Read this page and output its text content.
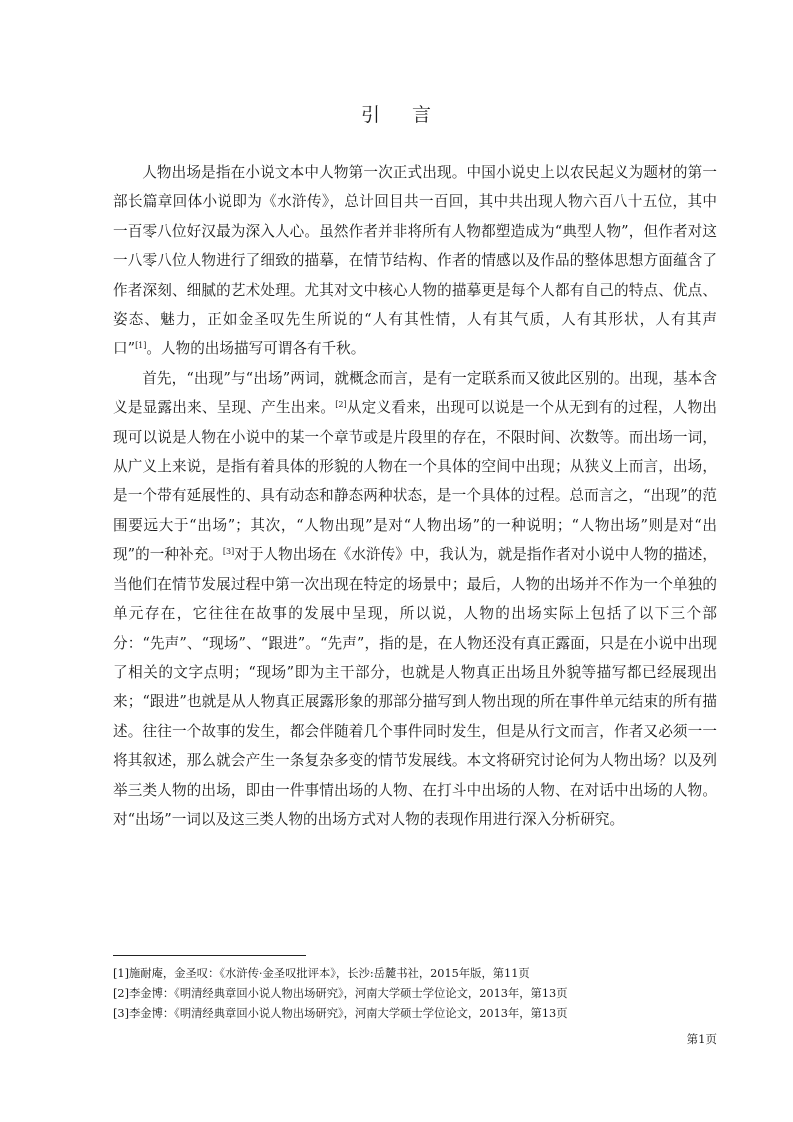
引 言

人物出场是指在小说文本中人物第一次正式出现。中国小说史上以农民起义为题材的第一部长篇章回体小说即为《水浒传》，总计回目共一百回，其中共出现人物六百八十五位，其中一百零八位好汉最为深入人心。虽然作者并非将所有人物都塑造成为“典型人物”，但作者对这一八零八位人物进行了细致的描摹，在情节结构、作者的情感以及作品的整体思想方面蕴含了作者深刻、细腻的艺术处理。尤其对文中核心人物的描摹更是每个人都有自己的特点、优点、姿态、魅力，正如金圣叹先生所说的“人有其性情，人有其气质，人有其形状，人有其声口”[1]。人物的出场描写可谓各有千秋。

首先，“出现”与“出场”两词，就概念而言，是有一定联系而又彼此区别的。出现，基本含义是显露出来、呈现、产生出来。[2]从定义看来，出现可以说是一个从无到有的过程，人物出现可以说是人物在小说中的某一个章节或是片段里的存在，不限时间、次数等。而出场一词，从广义上来说，是指有着具体的形貌的人物在一个具体的空间中出现；从狭义上而言，出场，是一个带有延展性的、具有动态和静态两种状态，是一个具体的过程。总而言之，“出现”的范围要远大于“出场”；其次，“人物出现”是对“人物出场”的一种说明；“人物出场”则是对“出现”的一种补充。[3]对于人物出场在《水浒传》中，我认为，就是指作者对小说中人物的描述，当他们在情节发展过程中第一次出现在特定的场景中；最后，人物的出场并不作为一个单独的单元存在，它往往在故事的发展中呈现，所以说，人物的出场实际上包括了以下三个部分：“先声”、“现场”、“跟进”。“先声”，指的是，在人物还没有真正露面，只是在小说中出现了相关的文字点明；“现场”即为主干部分，也就是人物真正出场且外貌等描写都已经展现出来；“跟进”也就是从人物真正展露形象的那部分描写到人物出现的所在事件单元结束的所有描述。往往一个故事的发生，都会伴随着几个事件同时发生，但是从行文而言，作者又必须一一将其叙述，那么就会产生一条复杂多变的情节发展线。本文将研究讨论何为人物出场？以及列举三类人物的出场，即由一件事情出场的人物、在打斗中出场的人物、在对话中出场的人物。对“出场”一词以及这三类人物的出场方式对人物的表现作用进行深入分析研究。

[1]施耐庵，金圣叹：《水浒传·金圣叹批评本》，长沙:岳麓书社，2015年版，第11页
[2]李金博：《明清经典章回小说人物出场研究》，河南大学硕士学位论文，2013年，第13页
[3]李金博：《明清经典章回小说人物出场研究》，河南大学硕士学位论文，2013年，第13页
第1页
